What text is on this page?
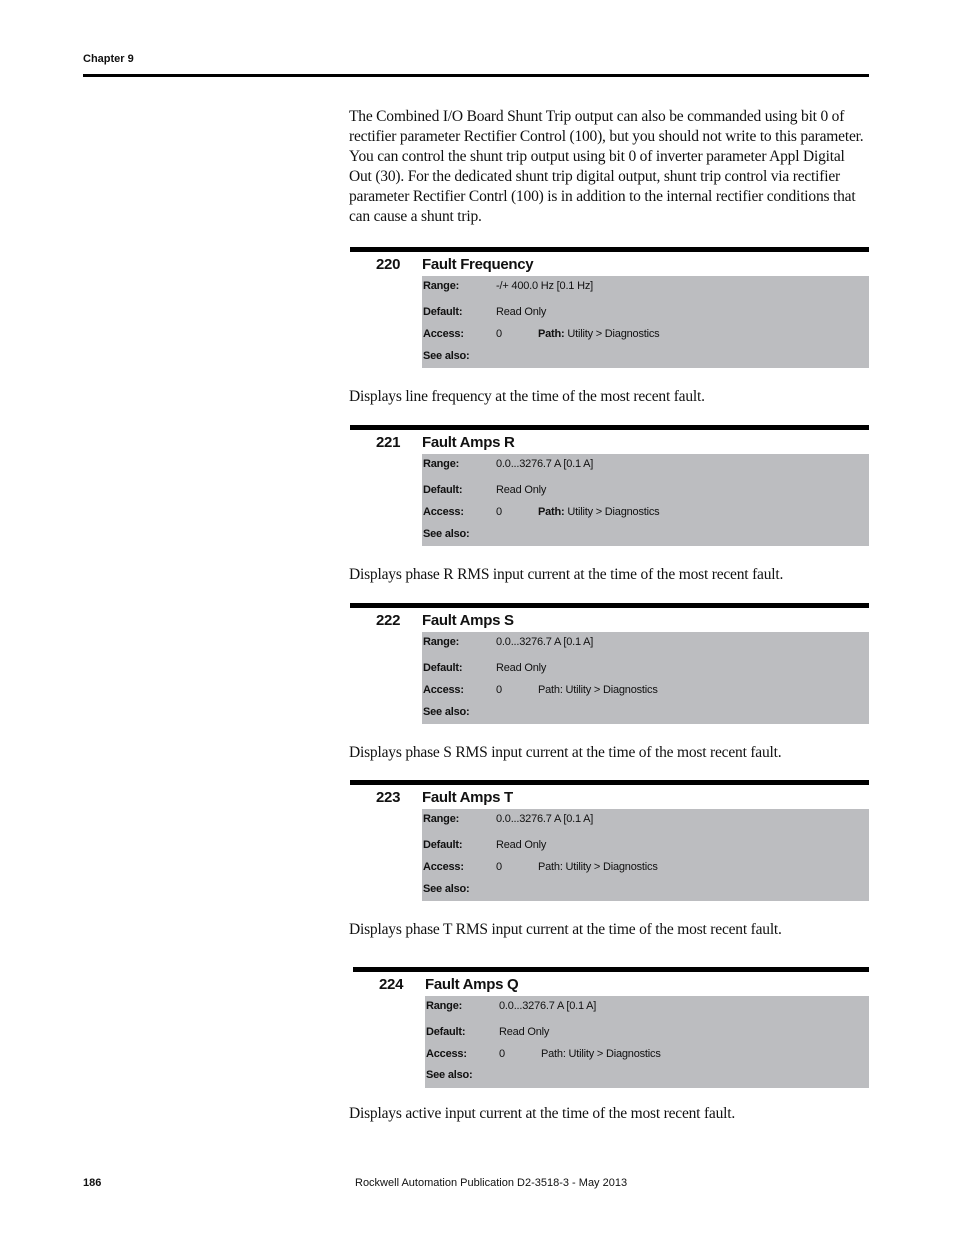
Chapter 9

The Combined I/O Board Shunt Trip output can also be commanded using bit 0 of rectifier parameter Rectifier Control (100), but you should not write to this parameter. You can control the shunt trip output using bit 0 of inverter parameter Appl Digital Out (30). For the dedicated shunt trip digital output, shunt trip control via rectifier parameter Rectifier Contrl (100) is in addition to the internal rectifier conditions that can cause a shunt trip.

220 Fault Frequency
Range:	-/+ 400.0 Hz [0.1 Hz]
Default:	Read Only
Access:	0	Path: Utility > Diagnostics
See also:

Displays line frequency at the time of the most recent fault.

221 Fault Amps R
Range:	0.0...3276.7 A [0.1 A]
Default:	Read Only
Access:	0	Path: Utility > Diagnostics
See also:

Displays phase R RMS input current at the time of the most recent fault.

222 Fault Amps S
Range:	0.0...3276.7 A [0.1 A]
Default:	Read Only
Access:	0	Path: Utility > Diagnostics
See also:

Displays phase S RMS input current at the time of the most recent fault.

223 Fault Amps T
Range:	0.0...3276.7 A [0.1 A]
Default:	Read Only
Access:	0	Path: Utility > Diagnostics
See also:

Displays phase T RMS input current at the time of the most recent fault.

224 Fault Amps Q
Range:	0.0...3276.7 A [0.1 A]
Default:	Read Only
Access:	0	Path: Utility > Diagnostics
See also:

Displays active input current at the time of the most recent fault.

186	Rockwell Automation Publication D2-3518-3 - May 2013
